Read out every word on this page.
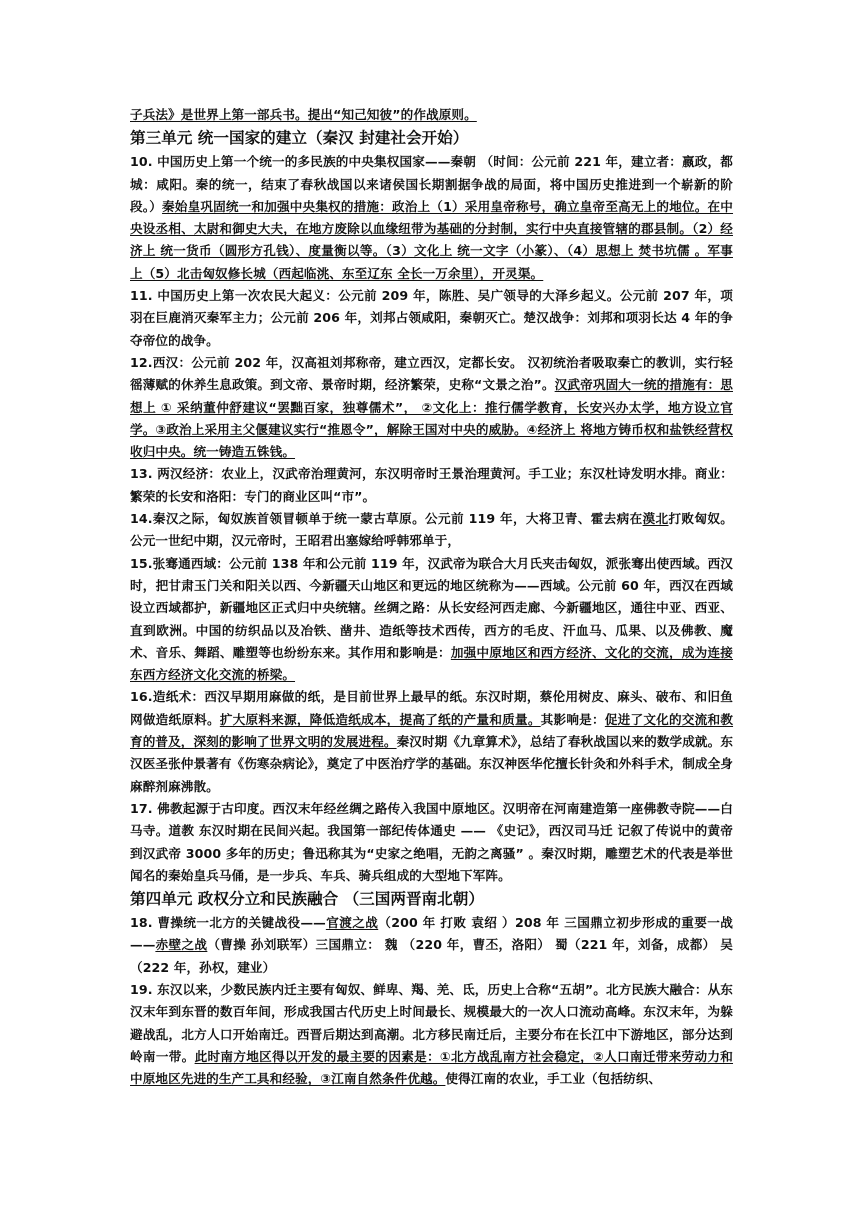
子兵法》是世界上第一部兵书。提出“知己知彼”的作战原则。

第三单元 统一国家的建立（秦汉 封建社会开始）

10. 中国历史上第一个统一的多民族的中央集权国家——秦朝 （时间：公元前 221 年，建立者：嬴政，都城：咸阳。秦的统一，结束了春秋战国以来诸侯国长期割据争战的局面，将中国历史推进到一个崭新的阶段。）秦始皇巩固统一和加强中央集权的措施：政治上（1）采用皇帝称号，确立皇帝至高无上的地位。在中央设丞相、太尉和御史大夫，在地方废除以血缘纽带为基础的分封制，实行中央直接管辖的郡县制。（2）经济上 统一货币（圆形方孔钱）、度量衡以等。（3）文化上 统一文字（小篆）、（4）思想上 焚书坑儒 。军事上（5）北击匈奴修长城（西起临洮、东至辽东 全长一万余里），开灵渠。

11. 中国历史上第一次农民大起义：公元前 209 年，陈胜、吴广领导的大泽乡起义。公元前 207 年，项羽在巨鹿消灭秦军主力；公元前 206 年，刘邦占领咸阳，秦朝灭亡。楚汉战争：刘邦和项羽长达 4 年的争夺帝位的战争。

12.西汉：公元前 202 年，汉高祖刘邦称帝，建立西汉，定都长安。 汉初统治者吸取秦亡的教训，实行轻徭薄赋的休养生息政策。到文帝、景帝时期，经济繁荣，史称“文景之治”。汉武帝巩固大一统的措施有：思想上 ① 采纳董仲舒建议“罢黜百家，独尊儒术”， ②文化上：推行儒学教育，长安兴办太学，地方设立官学。③政治上采用主父偃建议实行“推恩令”，解除王国对中央的威胁。④经济上 将地方铸币权和盐铁经营权收归中央。统一铸造五铢钱。

13. 两汉经济：农业上，汉武帝治理黄河，东汉明帝时王景治理黄河。手工业；东汉杜诗发明水排。商业：繁荣的长安和洛阳：专门的商业区叫“市”。

14.秦汉之际，匈奴族首领冒顿单于统一蒙古草原。公元前 119 年，大将卫青、霍去病在漠北打败匈奴。公元一世纪中期，汉元帝时，王昭君出塞嫁给呼韩邪单于，

15.张骞通西域：公元前 138 年和公元前 119 年，汉武帝为联合大月氏夹击匈奴，派张骞出使西域。西汉时，把甘肃玉门关和阳关以西、今新疆天山地区和更远的地区统称为——西域。公元前 60 年，西汉在西域设立西域都护，新疆地区正式归中央统辖。丝绸之路：从长安经河西走廊、今新疆地区，通往中亚、西亚、直到欧洲。中国的纺织品以及冶铁、凿井、造纸等技术西传，西方的毛皮、汗血马、瓜果、以及佛教、魔术、音乐、舞蹈、雕塑等也纷纷东来。其作用和影响是：加强中原地区和西方经济、文化的交流，成为连接东西方经济文化交流的桥梁。

16.造纸术：西汉早期用麻做的纸，是目前世界上最早的纸。东汉时期，蔡伦用树皮、麻头、破布、和旧鱼网做造纸原料。扩大原料来源，降低造纸成本，提高了纸的产量和质量。其影响是：促进了文化的交流和教育的普及，深刻的影响了世界文明的发展进程。秦汉时期《九章算术》，总结了春秋战国以来的数学成就。东汉医圣张仲景著有《伤寒杂病论》，奠定了中医治疗学的基础。东汉神医华佗擅长针灸和外科手术，制成全身麻醉剂麻沸散。

17. 佛教起源于古印度。西汉末年经丝绸之路传入我国中原地区。汉明帝在河南建造第一座佛教寺院——白马寺。道教 东汉时期在民间兴起。我国第一部纪传体通史 —— 《史记》，西汉司马迁 记叙了传说中的黄帝到汉武帝 3000 多年的历史；鲁迅称其为“史家之绝唱，无韵之离骚” 。秦汉时期，雕塑艺术的代表是举世闻名的秦始皇兵马俑，是一步兵、车兵、骑兵组成的大型地下军阵。

第四单元 政权分立和民族融合 （三国两晋南北朝）

18. 曹操统一北方的关键战役——官渡之战（200 年 打败 袁绍 ）208 年 三国鼎立初步形成的重要一战——赤壁之战（曹操 孙刘联军）三国鼎立： 魏 （220 年，曹丕，洛阳） 蜀（221 年，刘备，成都） 吴 （222 年，孙权，建业）

19. 东汉以来，少数民族内迁主要有匈奴、鲜卑、羯、羌、氐，历史上合称“五胡”。北方民族大融合：从东汉末年到东晋的数百年间，形成我国古代历史上时间最长、规模最大的一次人口流动高峰。东汉末年，为躲避战乱，北方人口开始南迁。西晋后期达到高潮。北方移民南迁后，主要分布在长江中下游地区，部分达到岭南一带。此时南方地区得以开发的最主要的因素是：①北方战乱南方社会稳定，②人口南迁带来劳动力和中原地区先进的生产工具和经验，③江南自然条件优越。使得江南的农业，手工业（包括纺织、
